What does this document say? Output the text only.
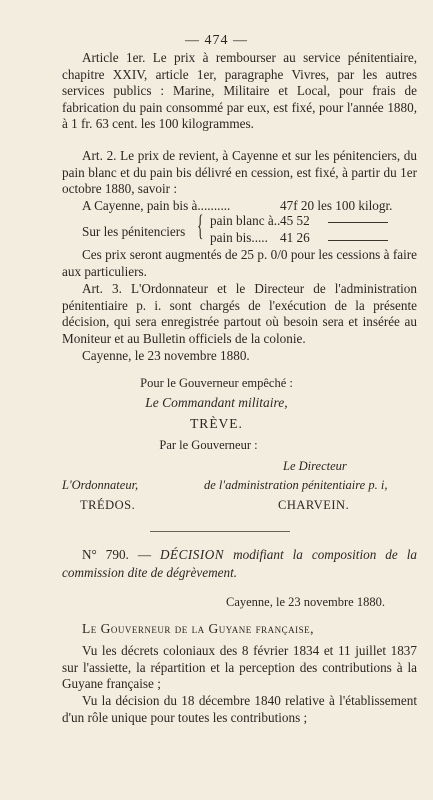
— 474 —
Article 1er. Le prix à rembourser au service pénitentiaire, chapitre XXIV, article 1er, paragraphe Vivres, par les autres services publics : Marine, Militaire et Local, pour frais de fabrication du pain consommé par eux, est fixé, pour l'année 1880, à 1 fr. 63 cent. les 100 kilogrammes.
Art. 2. Le prix de revient, à Cayenne et sur les pénitenciers, du pain blanc et du pain bis délivré en cession, est fixé, à partir du 1er octobre 1880, savoir :
A Cayenne, pain bis à..........	47f 20 les 100 kilogr.
Sur les pénitenciers { pain blanc à.. 45 52
pain bis..... 41 26
Ces prix seront augmentés de 25 p. 0/0 pour les cessions à faire aux particuliers.
Art. 3. L'Ordonnateur et le Directeur de l'administration pénitentiaire p. i. sont chargés de l'exécution de la présente décision, qui sera enregistrée partout où besoin sera et insérée au Moniteur et au Bulletin officiels de la colonie.
Cayenne, le 23 novembre 1880.
Pour le Gouverneur empêché :
Le Commandant militaire,
TRÈVE.
Par le Gouverneur :
Le Directeur
L'Ordonnateur,	de l'administration pénitentiaire p. i,
TRÉDOS.	CHARVEIN.
N° 790. — DÉCISION modifiant la composition de la commission dite de dégrèvement.
Cayenne, le 23 novembre 1880.
Le Gouverneur de la Guyane française,
Vu les décrets coloniaux des 8 février 1834 et 11 juillet 1837 sur l'assiette, la répartition et la perception des contributions à la Guyane française ;
Vu la décision du 18 décembre 1840 relative à l'établissement d'un rôle unique pour toutes les contributions ;
